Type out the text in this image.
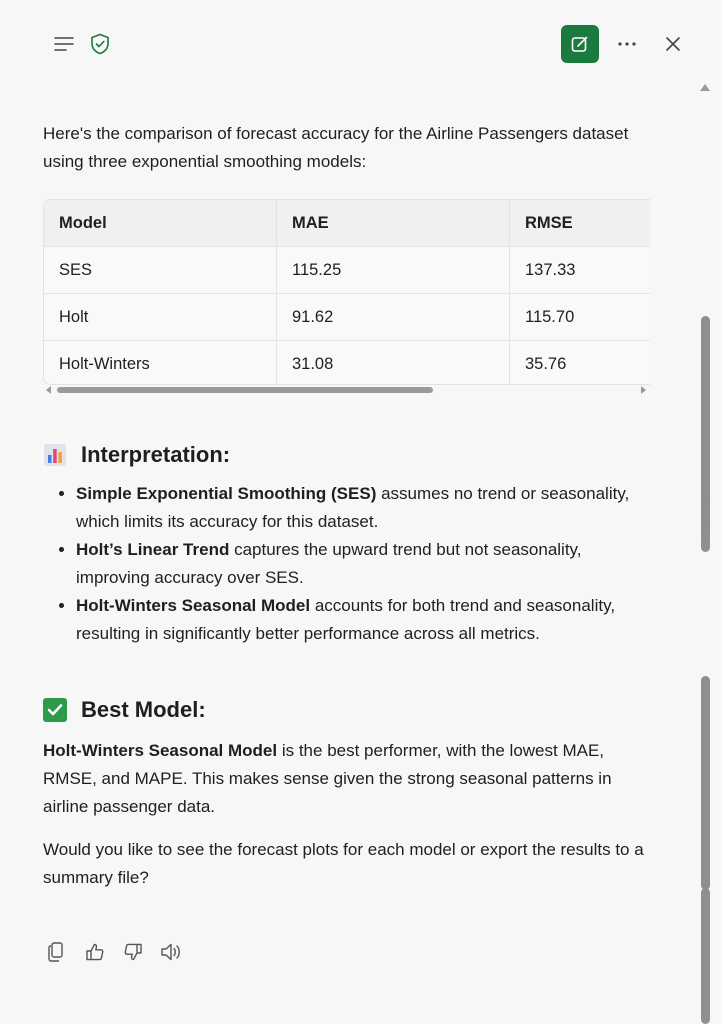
Here's the comparison of forecast accuracy for the Airline Passengers dataset using three exponential smoothing models:

Model	MAE	RMSE
SES	115.25	137.33
Holt	91.62	115.70
Holt-Winters	31.08	35.76
Interpretation:
• Simple Exponential Smoothing (SES) assumes no trend or seasonality, which limits its accuracy for this dataset.
• Holt’s Linear Trend captures the upward trend but not seasonality, improving accuracy over SES.
• Holt-Winters Seasonal Model accounts for both trend and seasonality, resulting in significantly better performance across all metrics.
Best Model:

Holt-Winters Seasonal Model is the best performer, with the lowest MAE, RMSE, and MAPE. This makes sense given the strong seasonal patterns in airline passenger data.

Would you like to see the forecast plots for each model or export the results to a summary file?
